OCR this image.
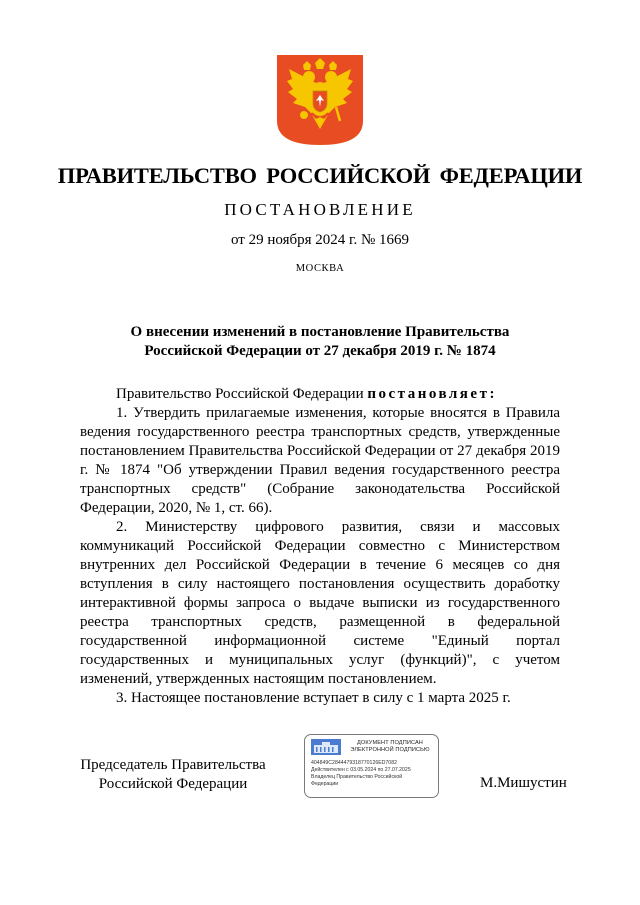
ПРАВИТЕЛЬСТВО РОССИЙСКОЙ ФЕДЕРАЦИИ
ПОСТАНОВЛЕНИЕ
от 29 ноября 2024 г. № 1669
МОСКВА
О внесении изменений в постановление Правительства
Российской Федерации от 27 декабря 2019 г. № 1874

Правительство Российской Федерации постановляет:

1. Утвердить прилагаемые изменения, которые вносятся в Правила ведения государственного реестра транспортных средств, утвержденные постановлением Правительства Российской Федерации от 27 декабря 2019 г. № 1874 "Об утверждении Правил ведения государственного реестра транспортных средств" (Собрание законодательства Российской Федерации, 2020, № 1, ст. 66).

2. Министерству цифрового развития, связи и массовых коммуникаций Российской Федерации совместно с Министерством внутренних дел Российской Федерации в течение 6 месяцев со дня вступления в силу настоящего постановления осуществить доработку интерактивной формы запроса о выдаче выписки из государственного реестра транспортных средств, размещенной в федеральной государственной информационной системе "Единый портал государственных и муниципальных услуг (функций)", с учетом изменений, утвержденных настоящим постановлением.

3. Настоящее постановление вступает в силу с 1 марта 2025 г.

Председатель Правительства
Российской Федерации
ДОКУМЕНТ ПОДПИСАН
ЭЛЕКТРОННОЙ ПОДПИСЬЮ
404849C2844479318770126ED7082
Действителен с 03.05.2024 по 27.07.2025
Владелец Правительство Российской
Федерации	М.Мишустин
